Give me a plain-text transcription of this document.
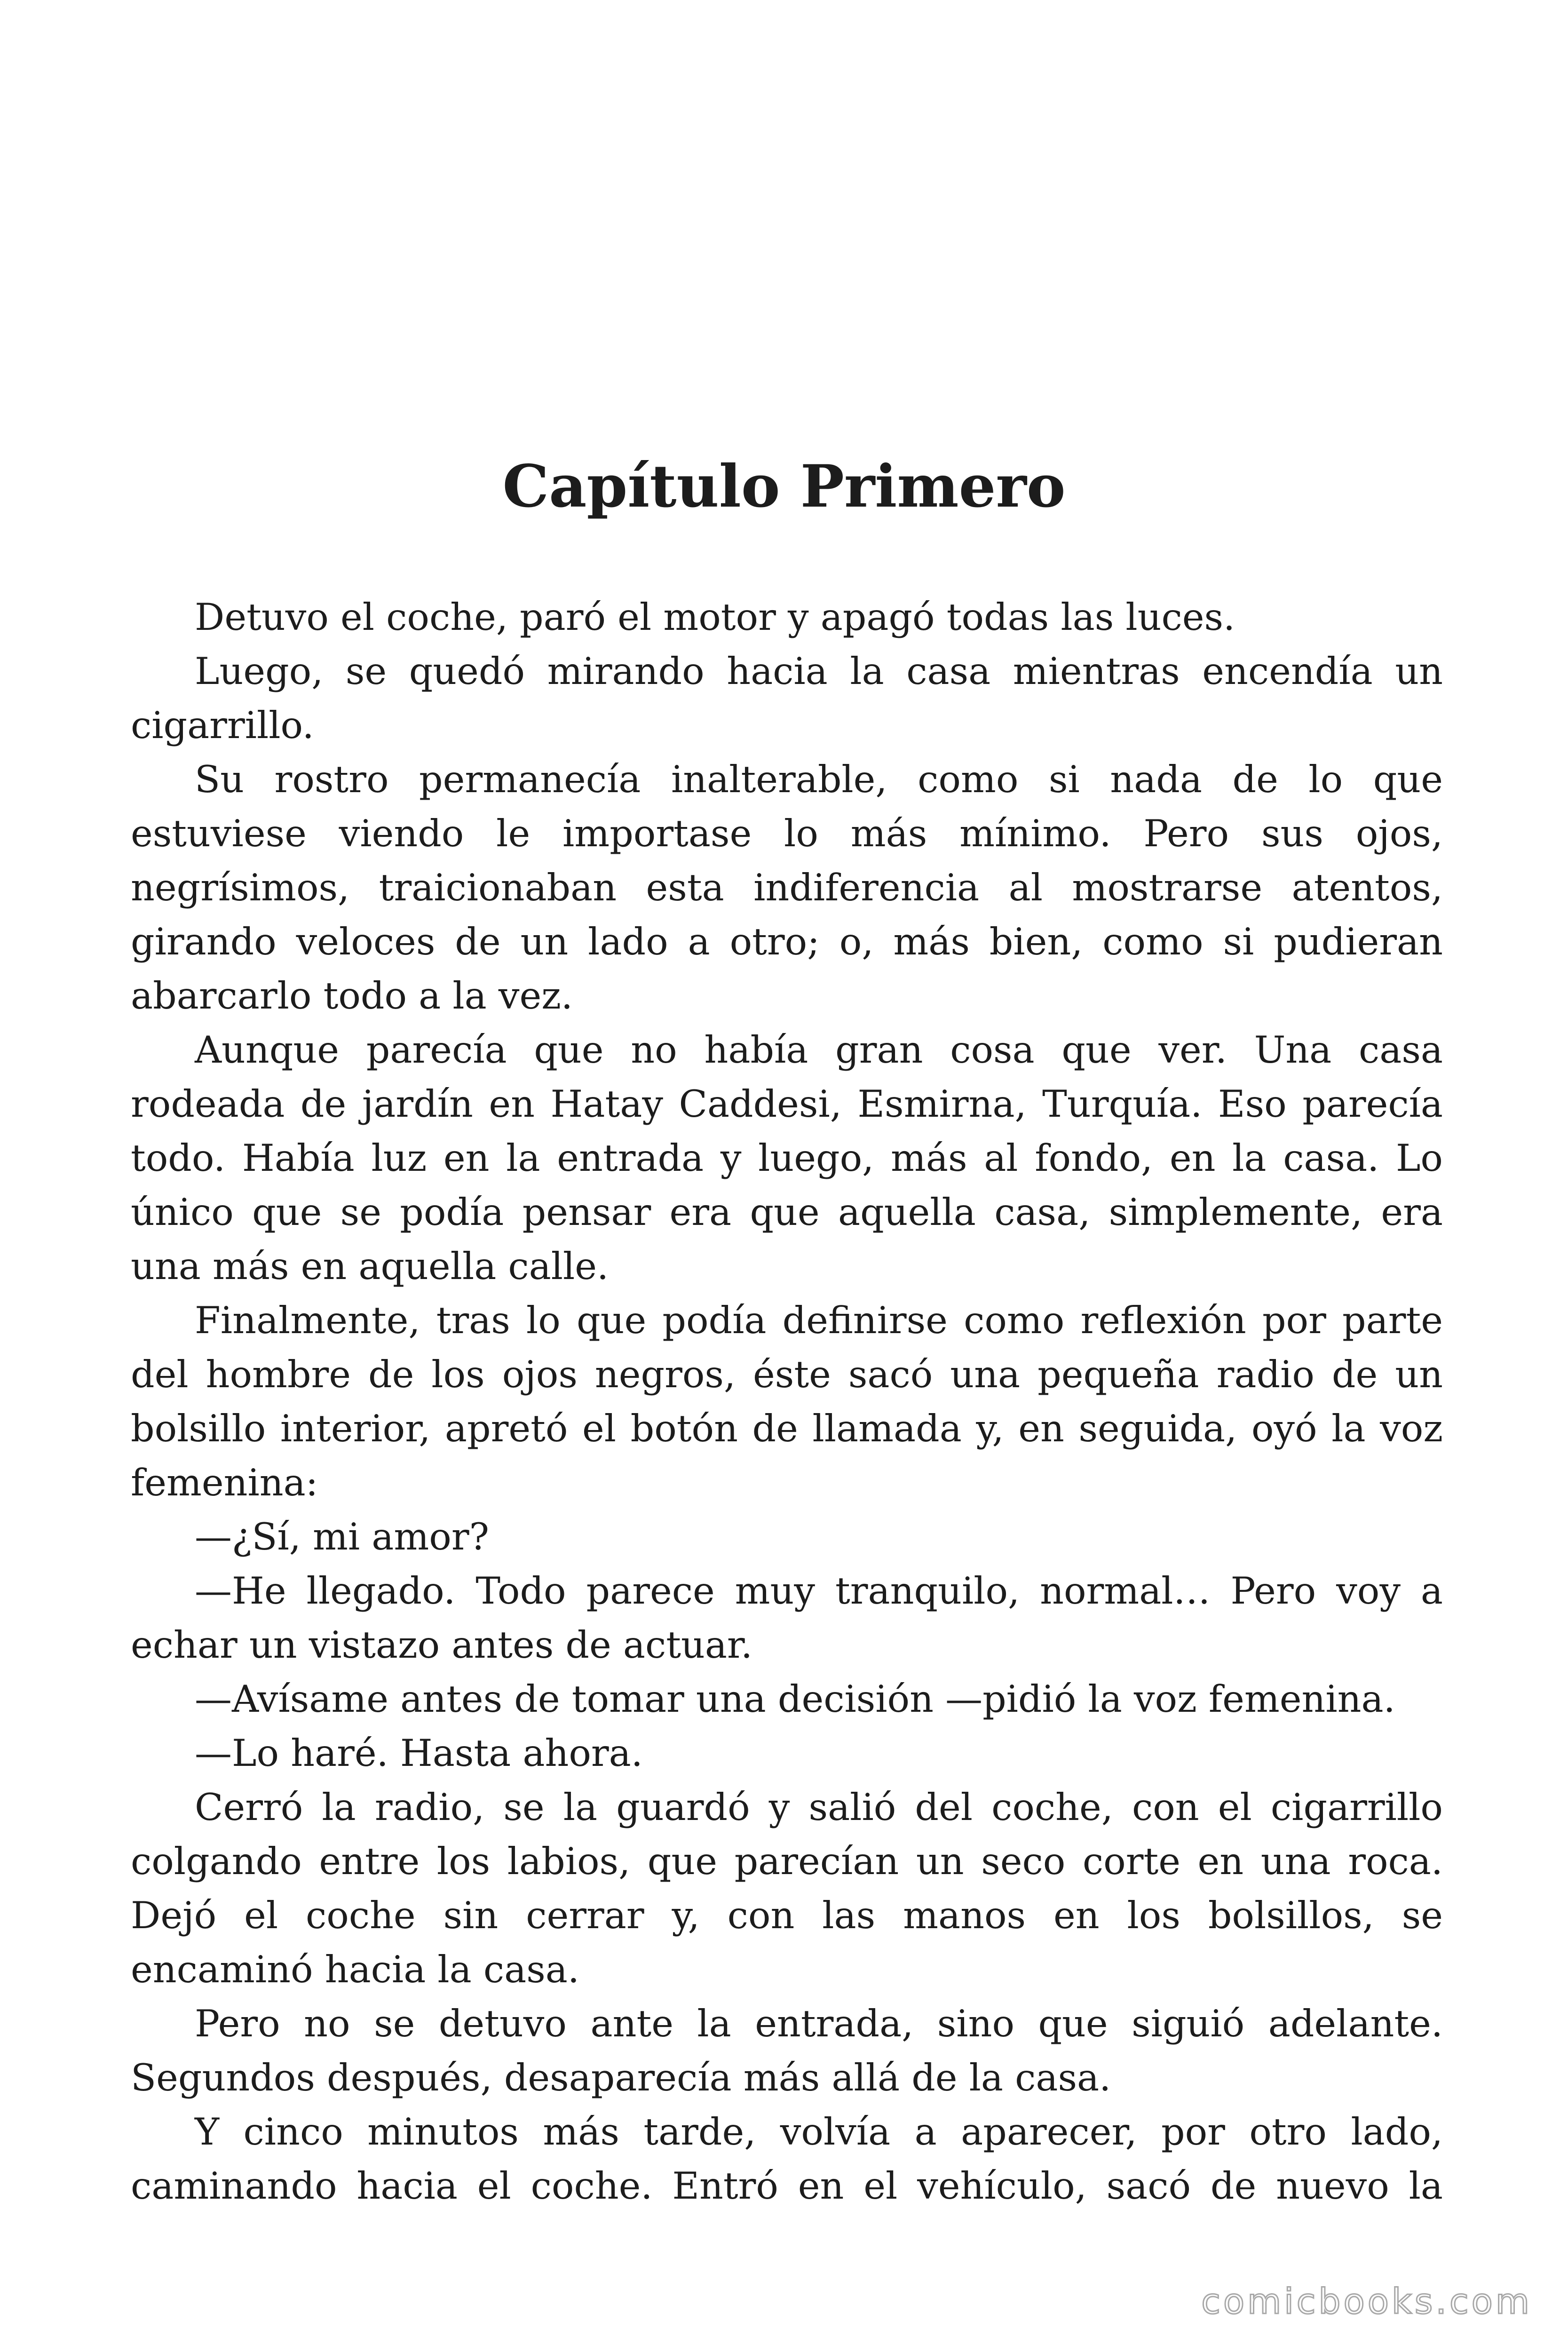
Capítulo Primero

Detuvo el coche, paró el motor y apagó todas las luces.

Luego, se quedó mirando hacia la casa mientras encendía un cigarrillo.

Su rostro permanecía inalterable, como si nada de lo que estuviese viendo le importase lo más mínimo. Pero sus ojos, negrísimos, traicionaban esta indiferencia al mostrarse atentos, girando veloces de un lado a otro; o, más bien, como si pudieran abarcarlo todo a la vez.

Aunque parecía que no había gran cosa que ver. Una casa rodeada de jardín en Hatay Caddesi, Esmirna, Turquía. Eso parecía todo. Había luz en la entrada y luego, más al fondo, en la casa. Lo único que se podía pensar era que aquella casa, simplemente, era una más en aquella calle.

Finalmente, tras lo que podía definirse como reflexión por parte del hombre de los ojos negros, éste sacó una pequeña radio de un bolsillo interior, apretó el botón de llamada y, en seguida, oyó la voz femenina:

—¿Sí, mi amor?

—He llegado. Todo parece muy tranquilo, normal… Pero voy a echar un vistazo antes de actuar.

—Avísame antes de tomar una decisión —pidió la voz femenina.

—Lo haré. Hasta ahora.

Cerró la radio, se la guardó y salió del coche, con el cigarrillo colgando entre los labios, que parecían un seco corte en una roca. Dejó el coche sin cerrar y, con las manos en los bolsillos, se encaminó hacia la casa.

Pero no se detuvo ante la entrada, sino que siguió adelante. Segundos después, desaparecía más allá de la casa.

Y cinco minutos más tarde, volvía a aparecer, por otro lado, caminando hacia el coche. Entró en el vehículo, sacó de nuevo la

comicbooks.com
